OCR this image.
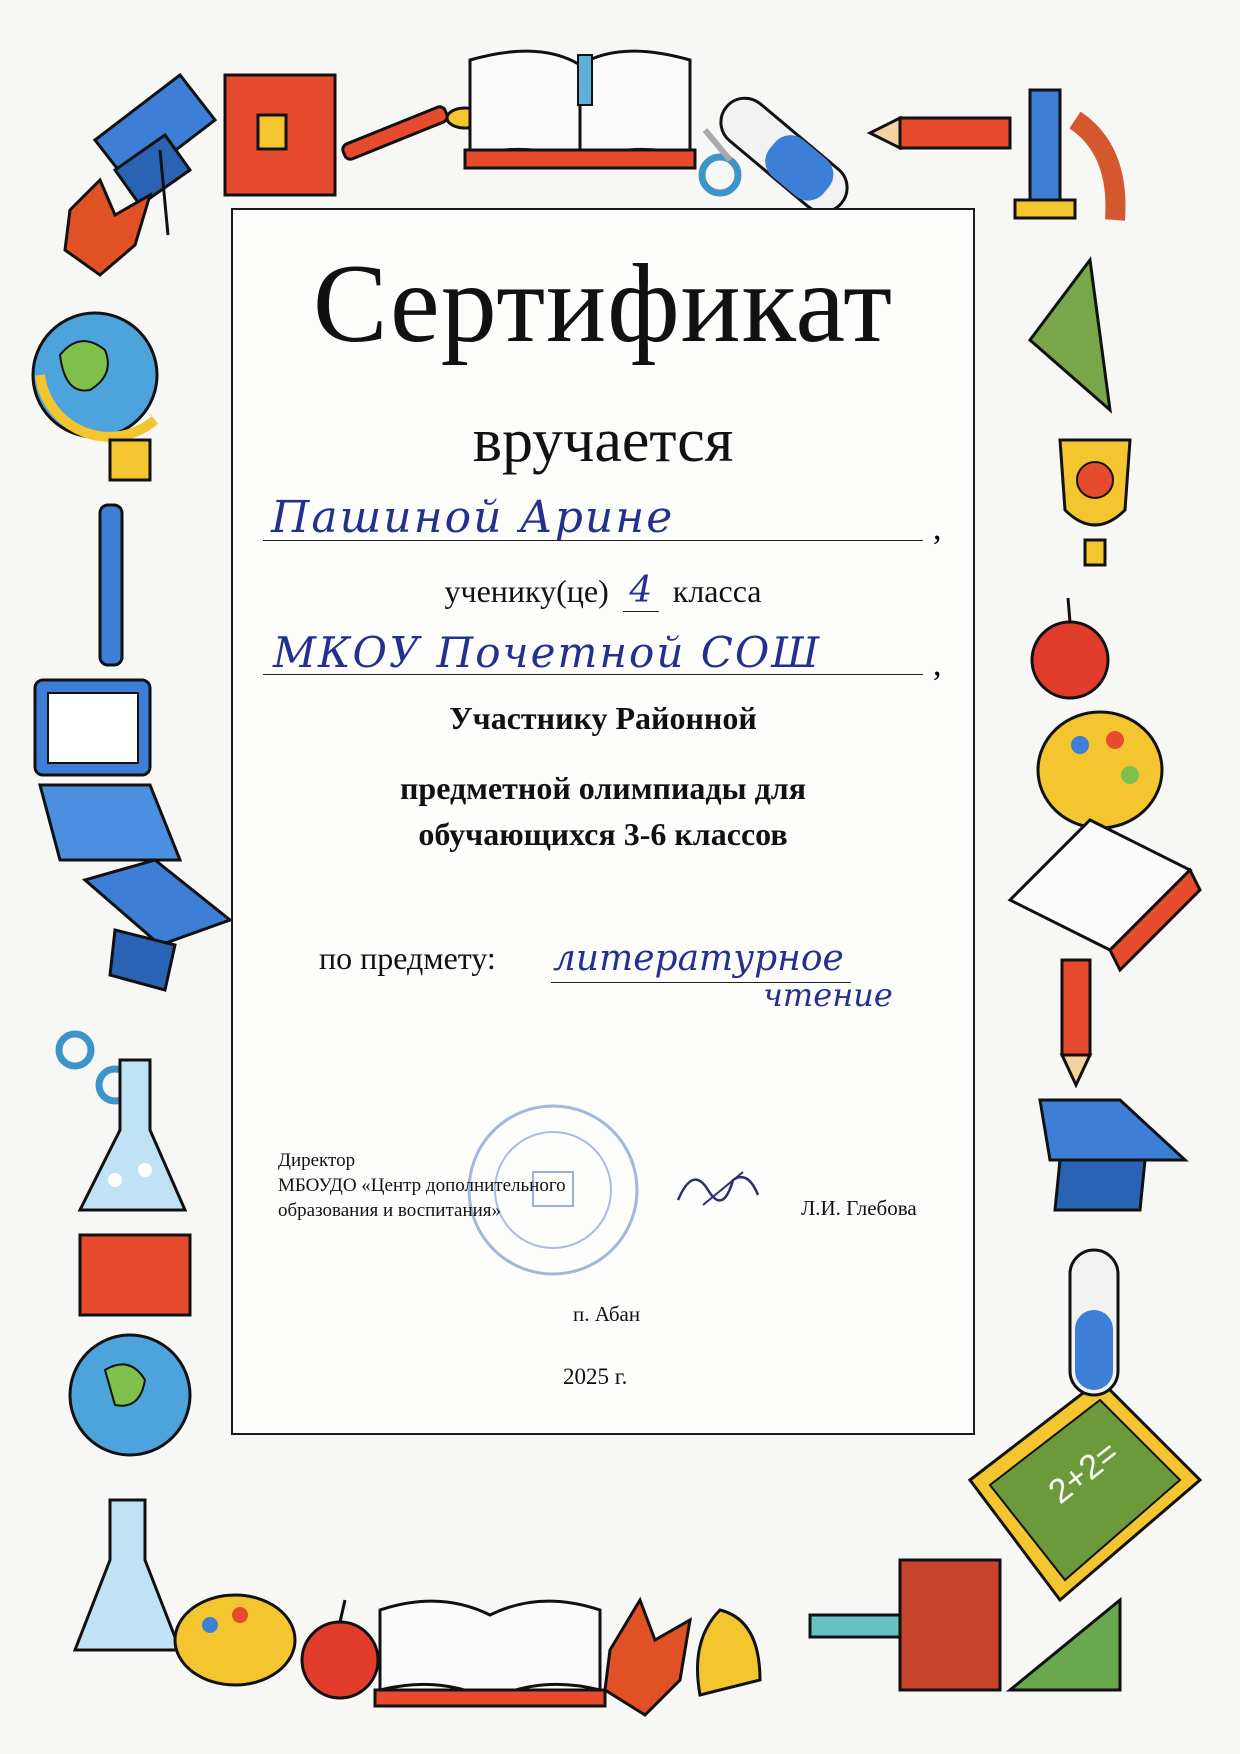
2+2=
Сертификат
вручается
Пашиной Арине	,
ученику(це) 4 класса
МКОУ Почетной СОШ	,
Участнику Районной
предметной олимпиады для
обучающихся 3-6 классов
по предмету: литературное
чтение
Директор
МБОУДО «Центр дополнительного
образования и воспитания»	Л.И. Глебова
п. Абан
2025 г.
